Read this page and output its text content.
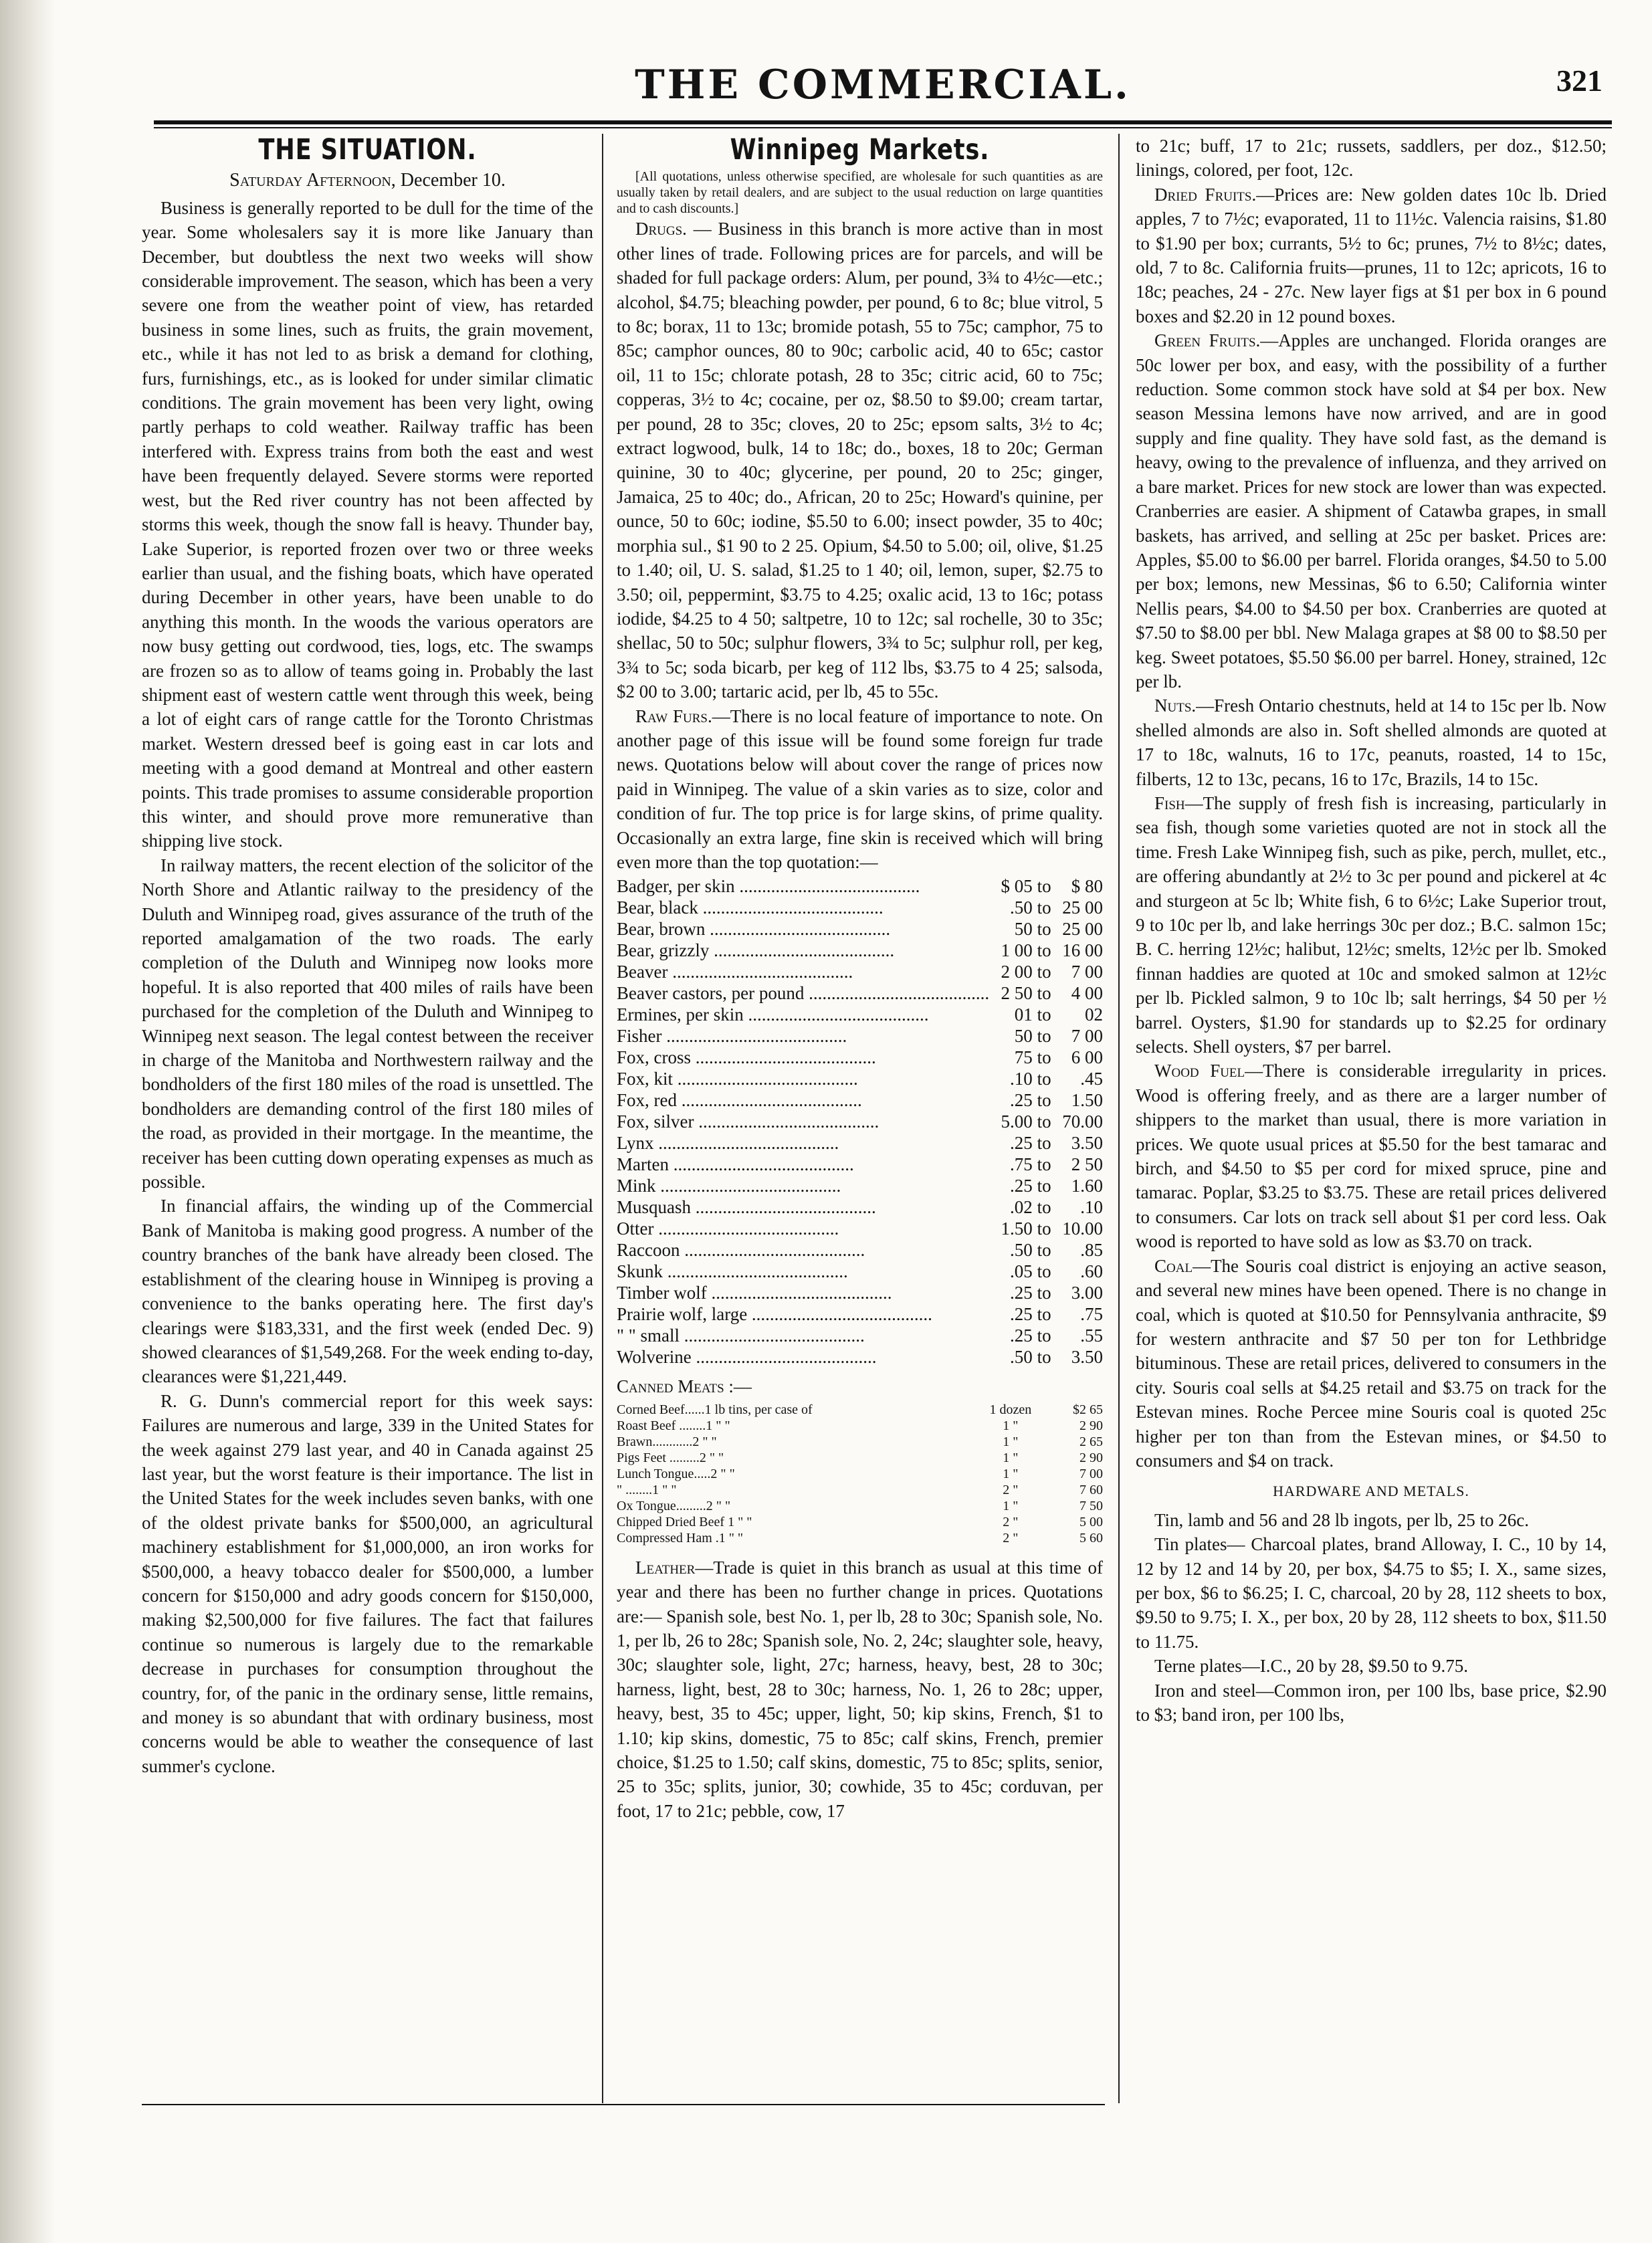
THE COMMERCIAL.	321
THE SITUATION.
Saturday Afternoon, December 10.

Business is generally reported to be dull for the time of the year. Some wholesalers say it is more like January than December, but doubtless the next two weeks will show considerable improvement. The season, which has been a very severe one from the weather point of view, has retarded business in some lines, such as fruits, the grain movement, etc., while it has not led to as brisk a demand for clothing, furs, furnishings, etc., as is looked for under similar climatic conditions. The grain movement has been very light, owing partly perhaps to cold weather. Railway traffic has been interfered with. Express trains from both the east and west have been frequently delayed. Severe storms were reported west, but the Red river country has not been affected by storms this week, though the snow fall is heavy. Thunder bay, Lake Superior, is reported frozen over two or three weeks earlier than usual, and the fishing boats, which have operated during December in other years, have been unable to do anything this month. In the woods the various operators are now busy getting out cordwood, ties, logs, etc. The swamps are frozen so as to allow of teams going in. Probably the last shipment east of western cattle went through this week, being a lot of eight cars of range cattle for the Toronto Christmas market. Western dressed beef is going east in car lots and meeting with a good demand at Montreal and other eastern points. This trade promises to assume considerable proportion this winter, and should prove more remunerative than shipping live stock.

In railway matters, the recent election of the solicitor of the North Shore and Atlantic railway to the presidency of the Duluth and Winnipeg road, gives assurance of the truth of the reported amalgamation of the two roads. The early completion of the Duluth and Winnipeg now looks more hopeful. It is also reported that 400 miles of rails have been purchased for the completion of the Duluth and Winnipeg to Winnipeg next season. The legal contest between the receiver in charge of the Manitoba and Northwestern railway and the bondholders of the first 180 miles of the road is unsettled. The bondholders are demanding control of the first 180 miles of the road, as provided in their mortgage. In the meantime, the receiver has been cutting down operating expenses as much as possible.

In financial affairs, the winding up of the Commercial Bank of Manitoba is making good progress. A number of the country branches of the bank have already been closed. The establishment of the clearing house in Winnipeg is proving a convenience to the banks operating here. The first day's clearings were $183,331, and the first week (ended Dec. 9) showed clearances of $1,549,268. For the week ending to-day, clearances were $1,221,449.

R. G. Dunn's commercial report for this week says: Failures are numerous and large, 339 in the United States for the week against 279 last year, and 40 in Canada against 25 last year, but the worst feature is their importance. The list in the United States for the week includes seven banks, with one of the oldest private banks for $500,000, an agricultural machinery establishment for $1,000,000, an iron works for $500,000, a heavy tobacco dealer for $500,000, a lumber concern for $150,000 and adry goods concern for $150,000, making $2,500,000 for five failures. The fact that failures continue so numerous is largely due to the remarkable decrease in purchases for consumption throughout the country, for, of the panic in the ordinary sense, little remains, and money is so abundant that with ordinary business, most concerns would be able to weather the consequence of last summer's cyclone.

Winnipeg Markets.

[All quotations, unless otherwise specified, are wholesale for such quantities as are usually taken by retail dealers, and are subject to the usual reduction on large quantities and to cash discounts.]

Drugs. — Business in this branch is more active than in most other lines of trade. Following prices are for parcels, and will be shaded for full package orders: Alum, per pound, 3¾ to 4½c—etc.; alcohol, $4.75; bleaching powder, per pound, 6 to 8c; blue vitrol, 5 to 8c; borax, 11 to 13c; bromide potash, 55 to 75c; camphor, 75 to 85c; camphor ounces, 80 to 90c; carbolic acid, 40 to 65c; castor oil, 11 to 15c; chlorate potash, 28 to 35c; citric acid, 60 to 75c; copperas, 3½ to 4c; cocaine, per oz, $8.50 to $9.00; cream tartar, per pound, 28 to 35c; cloves, 20 to 25c; epsom salts, 3½ to 4c; extract logwood, bulk, 14 to 18c; do., boxes, 18 to 20c; German quinine, 30 to 40c; glycerine, per pound, 20 to 25c; ginger, Jamaica, 25 to 40c; do., African, 20 to 25c; Howard's quinine, per ounce, 50 to 60c; iodine, $5.50 to 6.00; insect powder, 35 to 40c; morphia sul., $1 90 to 2 25. Opium, $4.50 to 5.00; oil, olive, $1.25 to 1.40; oil, U. S. salad, $1.25 to 1 40; oil, lemon, super, $2.75 to 3.50; oil, peppermint, $3.75 to 4.25; oxalic acid, 13 to 16c; potass iodide, $4.25 to 4 50; saltpetre, 10 to 12c; sal rochelle, 30 to 35c; shellac, 50 to 50c; sulphur flowers, 3¾ to 5c; sulphur roll, per keg, 3¾ to 5c; soda bicarb, per keg of 112 lbs, $3.75 to 4 25; salsoda, $2 00 to 3.00; tartaric acid, per lb, 45 to 55c.

Raw Furs.—There is no local feature of importance to note. On another page of this issue will be found some foreign fur trade news. Quotations below will about cover the range of prices now paid in Winnipeg. The value of a skin varies as to size, color and condition of fur. The top price is for large skins, of prime quality. Occasionally an extra large, fine skin is received which will bring even more than the top quotation:—

Badger, per skin ........................................	$ 05	to	$ 80
Bear, black ........................................	.50	to	25 00
Bear, brown ........................................	50	to	25 00
Bear, grizzly ........................................	1 00	to	16 00
Beaver ........................................	2 00	to	7 00
Beaver castors, per pound ........................................	2 50	to	4 00
Ermines, per skin ........................................	01	to	02
Fisher ........................................	50	to	7 00
Fox, cross ........................................	75	to	6 00
Fox, kit ........................................	.10	to	.45
Fox, red ........................................	.25	to	1.50
Fox, silver ........................................	5.00	to	70.00
Lynx ........................................	.25	to	3.50
Marten ........................................	.75	to	2 50
Mink ........................................	.25	to	1.60
Musquash ........................................	.02	to	.10
Otter ........................................	1.50	to	10.00
Raccoon ........................................	.50	to	.85
Skunk ........................................	.05	to	.60
Timber wolf ........................................	.25	to	3.00
Prairie wolf, large ........................................	.25	to	.75
" " small ........................................	.25	to	.55
Wolverine ........................................	.50	to	3.50
Canned Meats :—
Corned Beef......1 lb tins, per case of	1 dozen	$2 65
Roast Beef ........1 " "	1 "	2 90
Brawn............2 " "	1 "	2 65
Pigs Feet .........2 " "	1 "	2 90
Lunch Tongue.....2 " "	1 "	7 00
" ........1 " "	2 "	7 60
Ox Tongue.........2 " "	1 "	7 50
Chipped Dried Beef 1 " "	2 "	5 00
Compressed Ham .1 " "	2 "	5 60

Leather—Trade is quiet in this branch as usual at this time of year and there has been no further change in prices. Quotations are:— Spanish sole, best No. 1, per lb, 28 to 30c; Spanish sole, No. 1, per lb, 26 to 28c; Spanish sole, No. 2, 24c; slaughter sole, heavy, 30c; slaughter sole, light, 27c; harness, heavy, best, 28 to 30c; harness, light, best, 28 to 30c; harness, No. 1, 26 to 28c; upper, heavy, best, 35 to 45c; upper, light, 50; kip skins, French, $1 to 1.10; kip skins, domestic, 75 to 85c; calf skins, French, premier choice, $1.25 to 1.50; calf skins, domestic, 75 to 85c; splits, senior, 25 to 35c; splits, junior, 30; cowhide, 35 to 45c; corduvan, per foot, 17 to 21c; pebble, cow, 17

to 21c; buff, 17 to 21c; russets, saddlers, per doz., $12.50; linings, colored, per foot, 12c.

Dried Fruits.—Prices are: New golden dates 10c lb. Dried apples, 7 to 7½c; evaporated, 11 to 11½c. Valencia raisins, $1.80 to $1.90 per box; currants, 5½ to 6c; prunes, 7½ to 8½c; dates, old, 7 to 8c. California fruits—prunes, 11 to 12c; apricots, 16 to 18c; peaches, 24 - 27c. New layer figs at $1 per box in 6 pound boxes and $2.20 in 12 pound boxes.

Green Fruits.—Apples are unchanged. Florida oranges are 50c lower per box, and easy, with the possibility of a further reduction. Some common stock have sold at $4 per box. New season Messina lemons have now arrived, and are in good supply and fine quality. They have sold fast, as the demand is heavy, owing to the prevalence of influenza, and they arrived on a bare market. Prices for new stock are lower than was expected. Cranberries are easier. A shipment of Catawba grapes, in small baskets, has arrived, and selling at 25c per basket. Prices are: Apples, $5.00 to $6.00 per barrel. Florida oranges, $4.50 to 5.00 per box; lemons, new Messinas, $6 to 6.50; California winter Nellis pears, $4.00 to $4.50 per box. Cranberries are quoted at $7.50 to $8.00 per bbl. New Malaga grapes at $8 00 to $8.50 per keg. Sweet potatoes, $5.50 $6.00 per barrel. Honey, strained, 12c per lb.

Nuts.—Fresh Ontario chestnuts, held at 14 to 15c per lb. Now shelled almonds are also in. Soft shelled almonds are quoted at 17 to 18c, walnuts, 16 to 17c, peanuts, roasted, 14 to 15c, filberts, 12 to 13c, pecans, 16 to 17c, Brazils, 14 to 15c.

Fish—The supply of fresh fish is increasing, particularly in sea fish, though some varieties quoted are not in stock all the time. Fresh Lake Winnipeg fish, such as pike, perch, mullet, etc., are offering abundantly at 2½ to 3c per pound and pickerel at 4c and sturgeon at 5c lb; White fish, 6 to 6½c; Lake Superior trout, 9 to 10c per lb, and lake herrings 30c per doz.; B.C. salmon 15c; B. C. herring 12½c; halibut, 12½c; smelts, 12½c per lb. Smoked finnan haddies are quoted at 10c and smoked salmon at 12½c per lb. Pickled salmon, 9 to 10c lb; salt herrings, $4 50 per ½ barrel. Oysters, $1.90 for standards up to $2.25 for ordinary selects. Shell oysters, $7 per barrel.

Wood Fuel—There is considerable irregularity in prices. Wood is offering freely, and as there are a larger number of shippers to the market than usual, there is more variation in prices. We quote usual prices at $5.50 for the best tamarac and birch, and $4.50 to $5 per cord for mixed spruce, pine and tamarac. Poplar, $3.25 to $3.75. These are retail prices delivered to consumers. Car lots on track sell about $1 per cord less. Oak wood is reported to have sold as low as $3.70 on track.

Coal—The Souris coal district is enjoying an active season, and several new mines have been opened. There is no change in coal, which is quoted at $10.50 for Pennsylvania anthracite, $9 for western anthracite and $7 50 per ton for Lethbridge bituminous. These are retail prices, delivered to consumers in the city. Souris coal sells at $4.25 retail and $3.75 on track for the Estevan mines. Roche Percee mine Souris coal is quoted 25c higher per ton than from the Estevan mines, or $4.50 to consumers and $4 on track.

HARDWARE AND METALS.

Tin, lamb and 56 and 28 lb ingots, per lb, 25 to 26c.

Tin plates— Charcoal plates, brand Alloway, I. C., 10 by 14, 12 by 12 and 14 by 20, per box, $4.75 to $5; I. X., same sizes, per box, $6 to $6.25; I. C, charcoal, 20 by 28, 112 sheets to box, $9.50 to 9.75; I. X., per box, 20 by 28, 112 sheets to box, $11.50 to 11.75.

Terne plates—I.C., 20 by 28, $9.50 to 9.75.

Iron and steel—Common iron, per 100 lbs, base price, $2.90 to $3; band iron, per 100 lbs,
